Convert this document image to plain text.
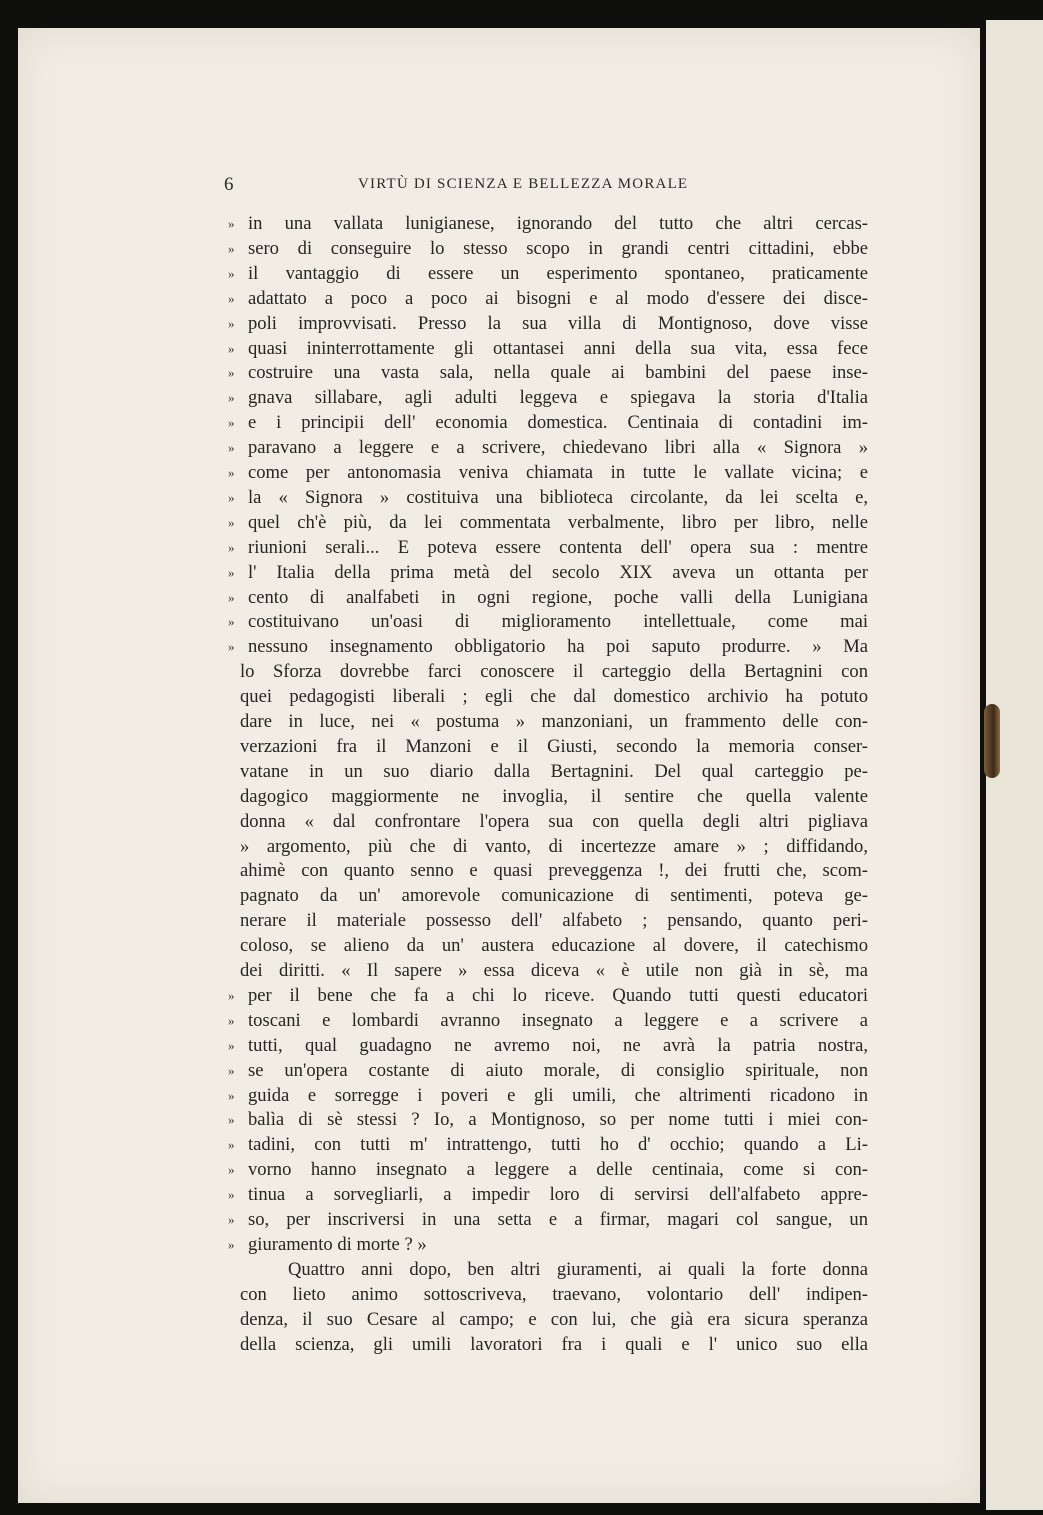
6	VIRTÙ DI SCIENZA E BELLEZZA MORALE
» in una vallata lunigianese, ignorando del tutto che altri cercas-
» sero di conseguire lo stesso scopo in grandi centri cittadini, ebbe
» il vantaggio di essere un esperimento spontaneo, praticamente
» adattato a poco a poco ai bisogni e al modo d'essere dei disce-
» poli improvvisati. Presso la sua villa di Montignoso, dove visse
» quasi ininterrottamente gli ottantasei anni della sua vita, essa fece
» costruire una vasta sala, nella quale ai bambini del paese inse-
» gnava sillabare, agli adulti leggeva e spiegava la storia d'Italia
» e i principii dell' economia domestica. Centinaia di contadini im-
» paravano a leggere e a scrivere, chiedevano libri alla « Signora »
» come per antonomasia veniva chiamata in tutte le vallate vicina; e
» la « Signora » costituiva una biblioteca circolante, da lei scelta e,
» quel ch'è più, da lei commentata verbalmente, libro per libro, nelle
» riunioni serali... E poteva essere contenta dell' opera sua : mentre
» l' Italia della prima metà del secolo XIX aveva un ottanta per
» cento di analfabeti in ogni regione, poche valli della Lunigiana
» costituivano un'oasi di miglioramento intellettuale, come mai
» nessuno insegnamento obbligatorio ha poi saputo produrre. » Ma
lo Sforza dovrebbe farci conoscere il carteggio della Bertagnini con
quei pedagogisti liberali ; egli che dal domestico archivio ha potuto
dare in luce, nei « postuma » manzoniani, un frammento delle con-
verzazioni fra il Manzoni e il Giusti, secondo la memoria conser-
vatane in un suo diario dalla Bertagnini. Del qual carteggio pe-
dagogico maggiormente ne invoglia, il sentire che quella valente
donna « dal confrontare l'opera sua con quella degli altri pigliava
» argomento, più che di vanto, di incertezze amare » ; diffidando,
ahimè con quanto senno e quasi preveggenza !, dei frutti che, scom-
pagnato da un' amorevole comunicazione di sentimenti, poteva ge-
nerare il materiale possesso dell' alfabeto ; pensando, quanto peri-
coloso, se alieno da un' austera educazione al dovere, il catechismo
dei diritti. « Il sapere » essa diceva « è utile non già in sè, ma
» per il bene che fa a chi lo riceve. Quando tutti questi educatori
» toscani e lombardi avranno insegnato a leggere e a scrivere a
» tutti, qual guadagno ne avremo noi, ne avrà la patria nostra,
» se un'opera costante di aiuto morale, di consiglio spirituale, non
» guida e sorregge i poveri e gli umili, che altrimenti ricadono in
» balìa di sè stessi ? Io, a Montignoso, so per nome tutti i miei con-
» tadini, con tutti m' intrattengo, tutti ho d' occhio; quando a Li-
» vorno hanno insegnato a leggere a delle centinaia, come si con-
» tinua a sorvegliarli, a impedir loro di servirsi dell'alfabeto appre-
» so, per inscriversi in una setta e a firmar, magari col sangue, un
» giuramento di morte ? »
Quattro anni dopo, ben altri giuramenti, ai quali la forte donna
con lieto animo sottoscriveva, traevano, volontario dell' indipen-
denza, il suo Cesare al campo; e con lui, che già era sicura speranza
della scienza, gli umili lavoratori fra i quali e l' unico suo ella
